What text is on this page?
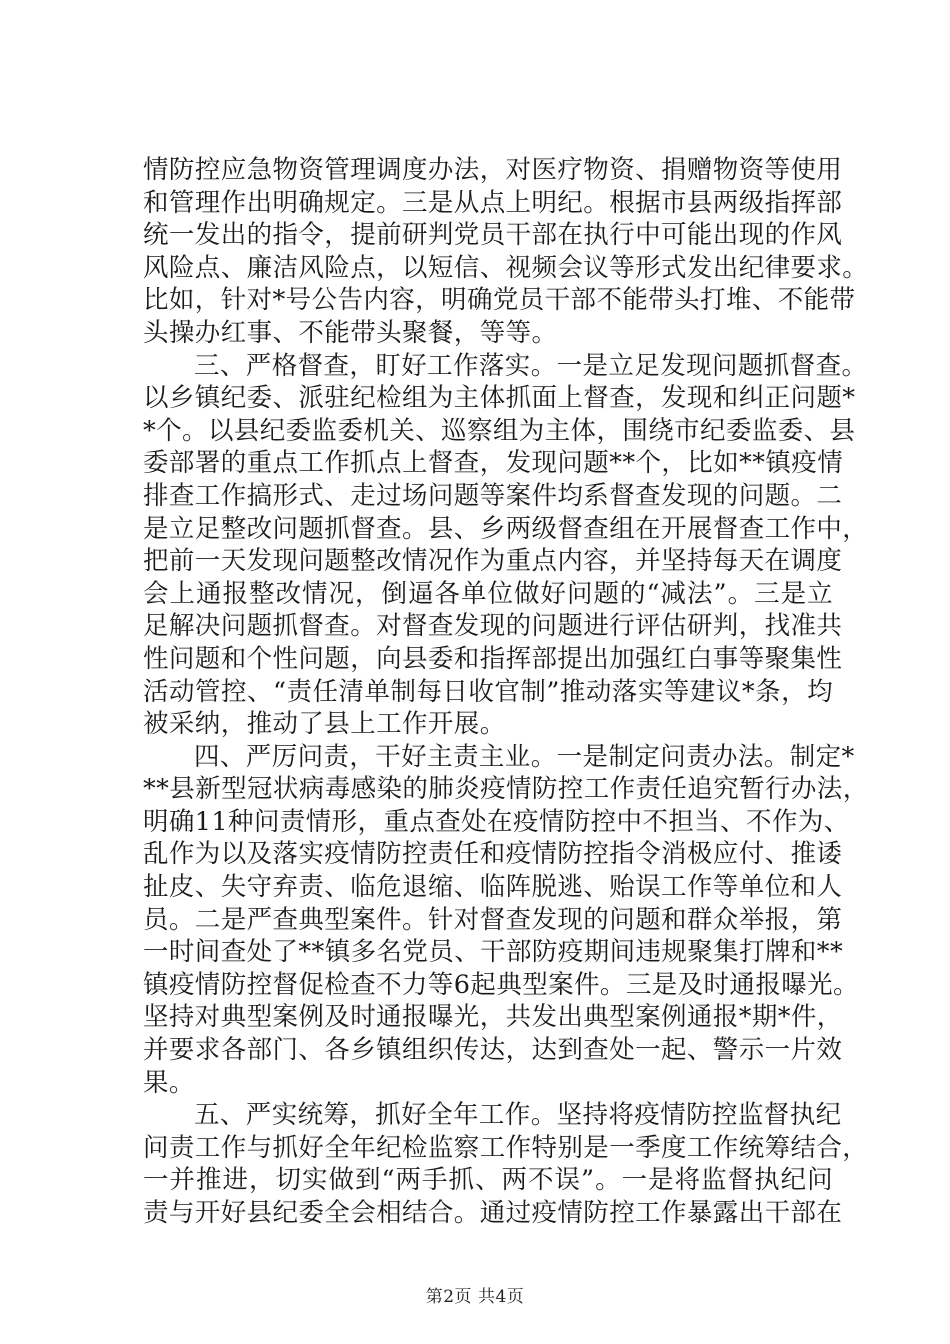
情防控应急物资管理调度办法，对医疗物资、捐赠物资等使用
和管理作出明确规定。三是从点上明纪。根据市县两级指挥部
统一发出的指令，提前研判党员干部在执行中可能出现的作风
风险点、廉洁风险点，以短信、视频会议等形式发出纪律要求。
比如，针对*号公告内容，明确党员干部不能带头打堆、不能带
头操办红事、不能带头聚餐，等等。
三、严格督查，盯好工作落实。一是立足发现问题抓督查。
以乡镇纪委、派驻纪检组为主体抓面上督查，发现和纠正问题*
*个。以县纪委监委机关、巡察组为主体，围绕市纪委监委、县
委部署的重点工作抓点上督查，发现问题**个，比如**镇疫情
排查工作搞形式、走过场问题等案件均系督查发现的问题。二
是立足整改问题抓督查。县、乡两级督查组在开展督查工作中，
把前一天发现问题整改情况作为重点内容，并坚持每天在调度
会上通报整改情况，倒逼各单位做好问题的“减法”。三是立
足解决问题抓督查。对督查发现的问题进行评估研判，找准共
性问题和个性问题，向县委和指挥部提出加强红白事等聚集性
活动管控、“责任清单制每日收官制”推动落实等建议*条，均
被采纳，推动了县上工作开展。
四、严厉问责，干好主责主业。一是制定问责办法。制定*
**县新型冠状病毒感染的肺炎疫情防控工作责任追究暂行办法，
明确11种问责情形，重点查处在疫情防控中不担当、不作为、
乱作为以及落实疫情防控责任和疫情防控指令消极应付、推诿
扯皮、失守弃责、临危退缩、临阵脱逃、贻误工作等单位和人
员。二是严查典型案件。针对督查发现的问题和群众举报，第
一时间查处了**镇多名党员、干部防疫期间违规聚集打牌和**
镇疫情防控督促检查不力等6起典型案件。三是及时通报曝光。
坚持对典型案例及时通报曝光，共发出典型案例通报*期*件，
并要求各部门、各乡镇组织传达，达到查处一起、警示一片效
果。
五、严实统筹，抓好全年工作。坚持将疫情防控监督执纪
问责工作与抓好全年纪检监察工作特别是一季度工作统筹结合，
一并推进，切实做到“两手抓、两不误”。一是将监督执纪问
责与开好县纪委全会相结合。通过疫情防控工作暴露出干部在
第2页 共4页
